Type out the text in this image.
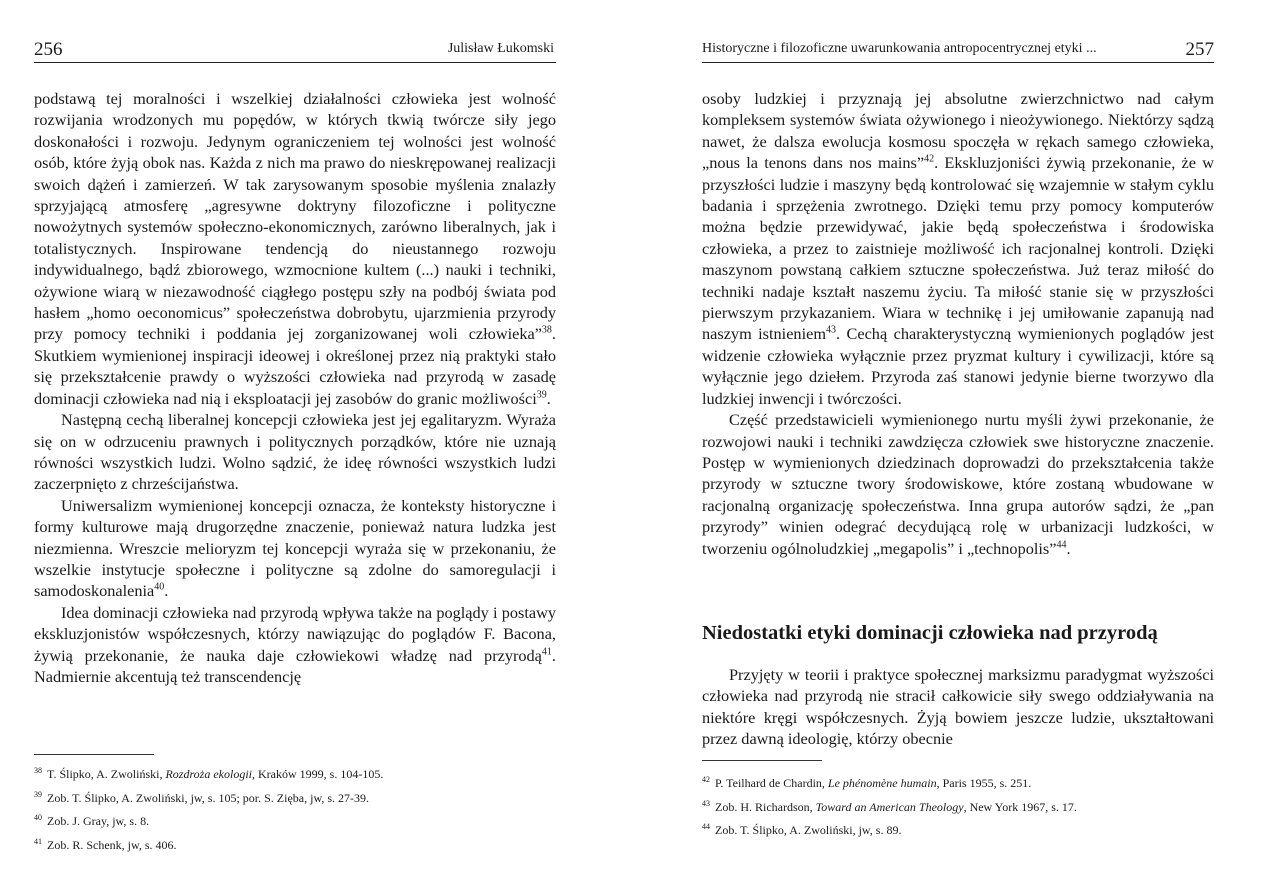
256	Julisław Łukomski

podstawą tej moralności i wszelkiej działalności człowieka jest wolność rozwijania wrodzonych mu popędów, w których tkwią twórcze siły jego doskonałości i rozwoju. Jedynym ograniczeniem tej wolności jest wolność osób, które żyją obok nas. Każda z nich ma prawo do nieskrępowanej realizacji swoich dążeń i zamierzeń. W tak zarysowanym sposobie myślenia znalazły sprzyjającą atmosferę „agresywne doktryny filozoficzne i polityczne nowożytnych systemów społeczno-ekonomicznych, zarówno liberalnych, jak i totalistycznych. Inspirowane tendencją do nieustannego rozwoju indywidualnego, bądź zbiorowego, wzmocnione kultem (...) nauki i techniki, ożywione wiarą w niezawodność ciągłego postępu szły na podbój świata pod hasłem „homo oeconomicus” społeczeństwa dobrobytu, ujarzmienia przyrody przy pomocy techniki i poddania jej zorganizowanej woli człowieka”$^{38}$. Skutkiem wymienionej inspiracji ideowej i określonej przez nią praktyki stało się przekształcenie prawdy o wyższości człowieka nad przyrodą w zasadę dominacji człowieka nad nią i eksploatacji jej zasobów do granic możliwości$^{39}$.

Następną cechą liberalnej koncepcji człowieka jest jej egalitaryzm. Wyraża się on w odrzuceniu prawnych i politycznych porządków, które nie uznają równości wszystkich ludzi. Wolno sądzić, że ideę równości wszystkich ludzi zaczerpnięto z chrześcijaństwa.

Uniwersalizm wymienionej koncepcji oznacza, że konteksty historyczne i formy kulturowe mają drugorzędne znaczenie, ponieważ natura ludzka jest niezmienna. Wreszcie melioryzm tej koncepcji wyraża się w przekonaniu, że wszelkie instytucje społeczne i polityczne są zdolne do samoregulacji i samodoskonalenia$^{40}$.

Idea dominacji człowieka nad przyrodą wpływa także na poglądy i postawy ekskluzjonistów współczesnych, którzy nawiązując do poglądów F. Bacona, żywią przekonanie, że nauka daje człowiekowi władzę nad przyrodą$^{41}$. Nadmiernie akcentują też transcendencję

$^{38}$ T. Ślipko, A. Zwoliński, Rozdroża ekologii, Kraków 1999, s. 104-105.
$^{39}$ Zob. T. Ślipko, A. Zwoliński, jw, s. 105; por. S. Zięba, jw, s. 27-39.
$^{40}$ Zob. J. Gray, jw, s. 8.
$^{41}$ Zob. R. Schenk, jw, s. 406.
Historyczne i filozoficzne uwarunkowania antropocentrycznej etyki ...	257

osoby ludzkiej i przyznają jej absolutne zwierzchnictwo nad całym kompleksem systemów świata ożywionego i nieożywionego. Niektórzy sądzą nawet, że dalsza ewolucja kosmosu spoczęła w rękach samego człowieka, „nous la tenons dans nos mains”$^{42}$. Ekskluzjoniści żywią przekonanie, że w przyszłości ludzie i maszyny będą kontrolować się wzajemnie w stałym cyklu badania i sprzężenia zwrotnego. Dzięki temu przy pomocy komputerów można będzie przewidywać, jakie będą społeczeństwa i środowiska człowieka, a przez to zaistnieje możliwość ich racjonalnej kontroli. Dzięki maszynom powstaną całkiem sztuczne społeczeństwa. Już teraz miłość do techniki nadaje kształt naszemu życiu. Ta miłość stanie się w przyszłości pierwszym przykazaniem. Wiara w technikę i jej umiłowanie zapanują nad naszym istnieniem$^{43}$. Cechą charakterystyczną wymienionych poglądów jest widzenie człowieka wyłącznie przez pryzmat kultury i cywilizacji, które są wyłącznie jego dziełem. Przyroda zaś stanowi jedynie bierne tworzywo dla ludzkiej inwencji i twórczości.

Część przedstawicieli wymienionego nurtu myśli żywi przekonanie, że rozwojowi nauki i techniki zawdzięcza człowiek swe historyczne znaczenie. Postęp w wymienionych dziedzinach doprowadzi do przekształcenia także przyrody w sztuczne twory środowiskowe, które zostaną wbudowane w racjonalną organizację społeczeństwa. Inna grupa autorów sądzi, że „pan przyrody” winien odegrać decydującą rolę w urbanizacji ludzkości, w tworzeniu ogólnoludzkiej „megapolis” i „technopolis”$^{44}$.

Niedostatki etyki dominacji człowieka nad przyrodą

Przyjęty w teorii i praktyce społecznej marksizmu paradygmat wyższości człowieka nad przyrodą nie stracił całkowicie siły swego oddziaływania na niektóre kręgi współczesnych. Żyją bowiem jeszcze ludzie, ukształtowani przez dawną ideologię, którzy obecnie

$^{42}$ P. Teilhard de Chardin, Le phénomène humain, Paris 1955, s. 251.
$^{43}$ Zob. H. Richardson, Toward an American Theology, New York 1967, s. 17.
$^{44}$ Zob. T. Ślipko, A. Zwoliński, jw, s. 89.
